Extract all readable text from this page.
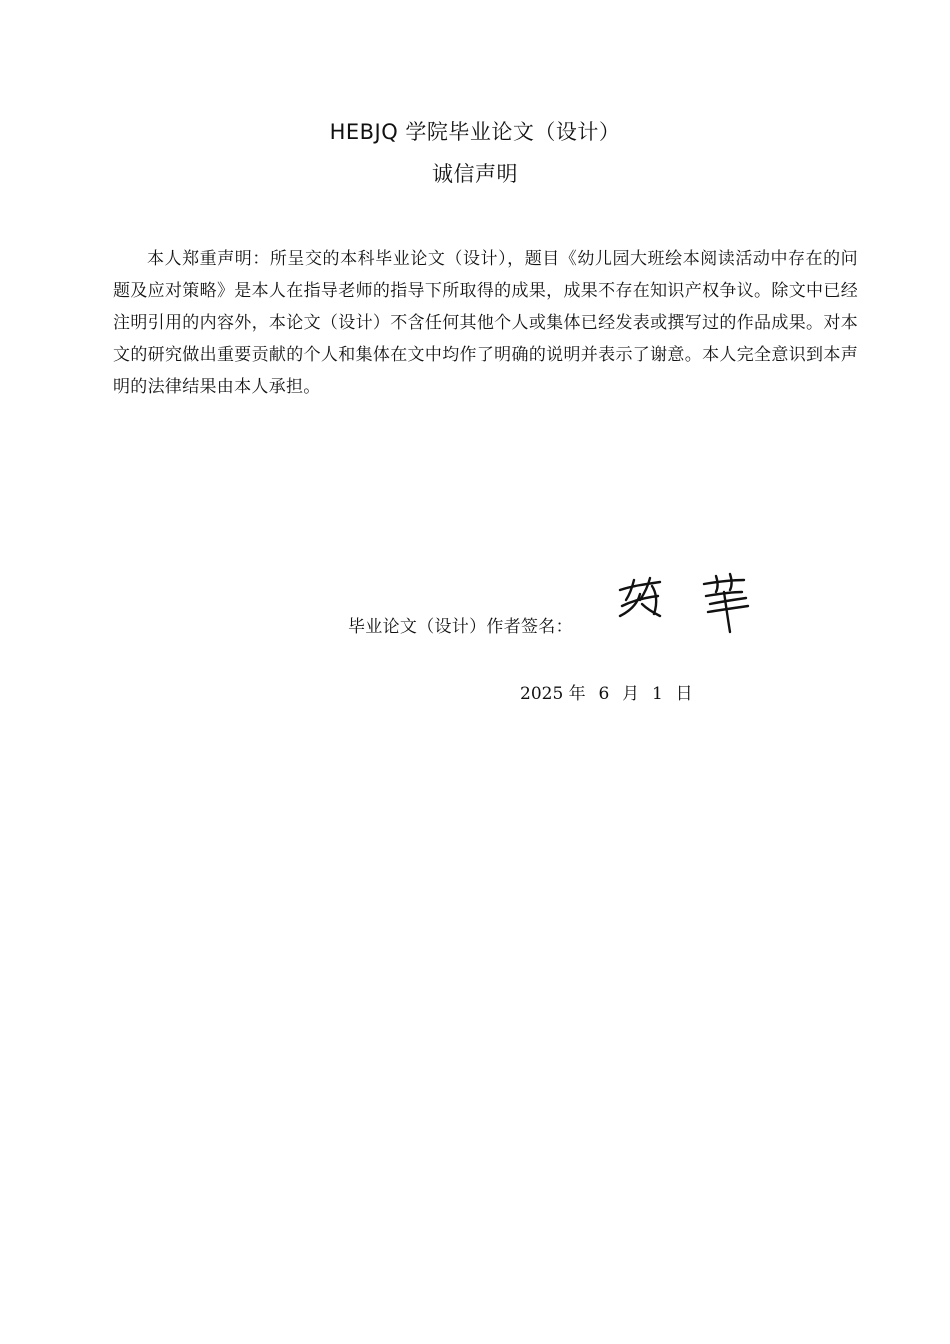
HEBJQ 学院毕业论文（设计）
诚信声明
本人郑重声明：所呈交的本科毕业论文（设计），题目《幼儿园大班绘本阅读活动中存在的问题及应对策略》是本人在指导老师的指导下所取得的成果，成果不存在知识产权争议。除文中已经注明引用的内容外，本论文（设计）不含任何其他个人或集体已经发表或撰写过的作品成果。对本文的研究做出重要贡献的个人和集体在文中均作了明确的说明并表示了谢意。本人完全意识到本声明的法律结果由本人承担。
毕业论文（设计）作者签名：
2025 年 6 月 1 日
